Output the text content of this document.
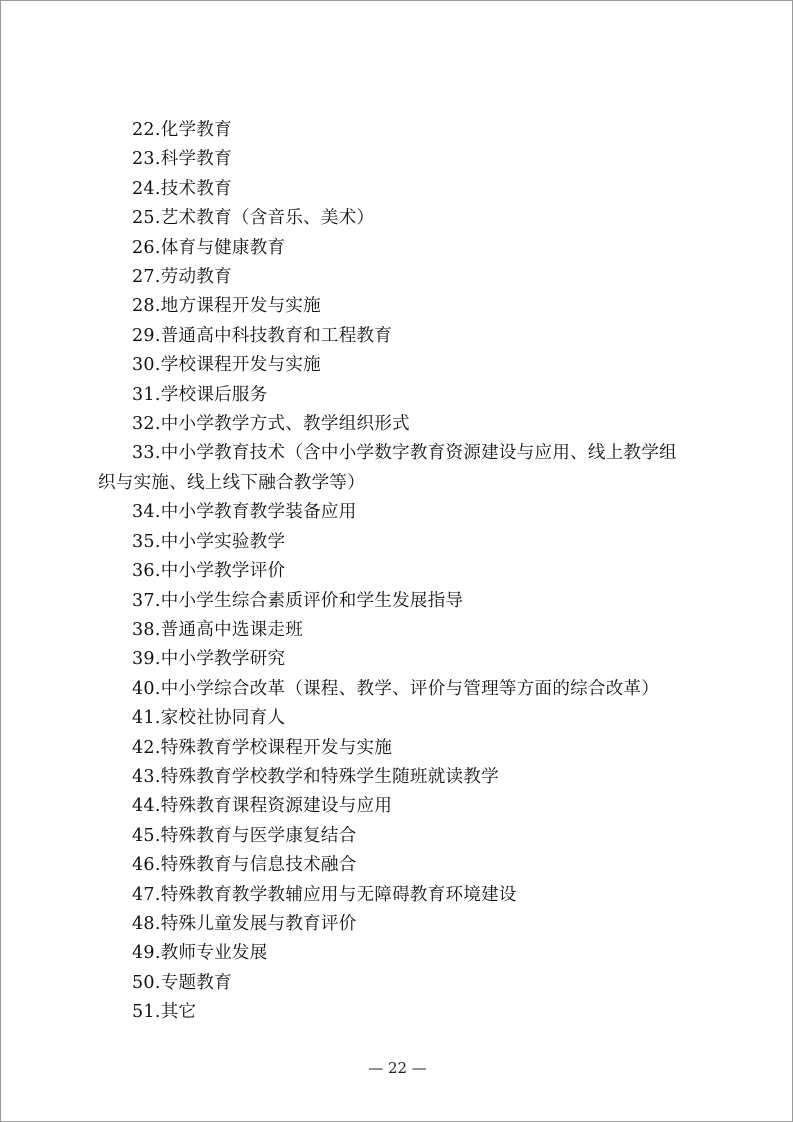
22.化学教育
23.科学教育
24.技术教育
25.艺术教育（含音乐、美术）
26.体育与健康教育
27.劳动教育
28.地方课程开发与实施
29.普通高中科技教育和工程教育
30.学校课程开发与实施
31.学校课后服务
32.中小学教学方式、教学组织形式
33.中小学教育技术（含中小学数字教育资源建设与应用、线上教学组
织与实施、线上线下融合教学等）
34.中小学教育教学装备应用
35.中小学实验教学
36.中小学教学评价
37.中小学生综合素质评价和学生发展指导
38.普通高中选课走班
39.中小学教学研究
40.中小学综合改革（课程、教学、评价与管理等方面的综合改革）
41.家校社协同育人
42.特殊教育学校课程开发与实施
43.特殊教育学校教学和特殊学生随班就读教学
44.特殊教育课程资源建设与应用
45.特殊教育与医学康复结合
46.特殊教育与信息技术融合
47.特殊教育教学教辅应用与无障碍教育环境建设
48.特殊儿童发展与教育评价
49.教师专业发展
50.专题教育
51.其它
— 22 —
